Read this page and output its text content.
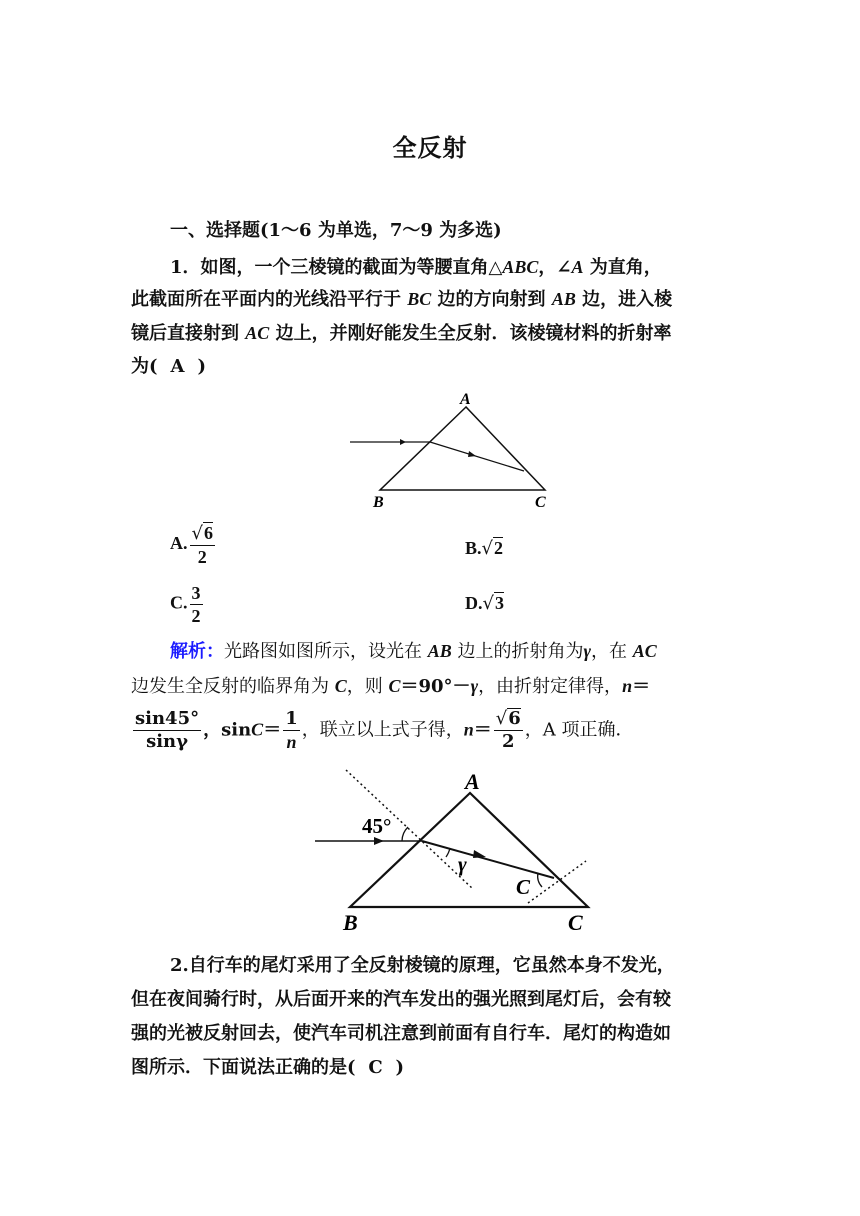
全反射
一、选择题(1～6 为单选，7～9 为多选)
1．如图，一个三棱镜的截面为等腰直角△ABC，∠A 为直角，
此截面所在平面内的光线沿平行于 BC 边的方向射到 AB 边，进入棱
镜后直接射到 AC 边上，并刚好能发生全反射．该棱镜材料的折射率
为( A )
A
B	C
A. $\frac{√6}{2}$	B.√2
C. $\frac{3}{2}$	D.√3
解析：光路图如图所示，设光在 AB 边上的折射角为γ，在 AC
边发生全反射的临界角为 C，则 C＝90°－γ，由折射定律得，n＝
$\frac{\sin 45^\circ}{\sin\gamma}$ ，$\sin C= \frac{1}{n}$ ，联立以上式子得，$n= \frac{√6}{2}$ ，A 项正确．
A
B	C
45°
γ
C
2.自行车的尾灯采用了全反射棱镜的原理，它虽然本身不发光，
但在夜间骑行时，从后面开来的汽车发出的强光照到尾灯后，会有较
强的光被反射回去，使汽车司机注意到前面有自行车．尾灯的构造如
图所示．下面说法正确的是( C )
